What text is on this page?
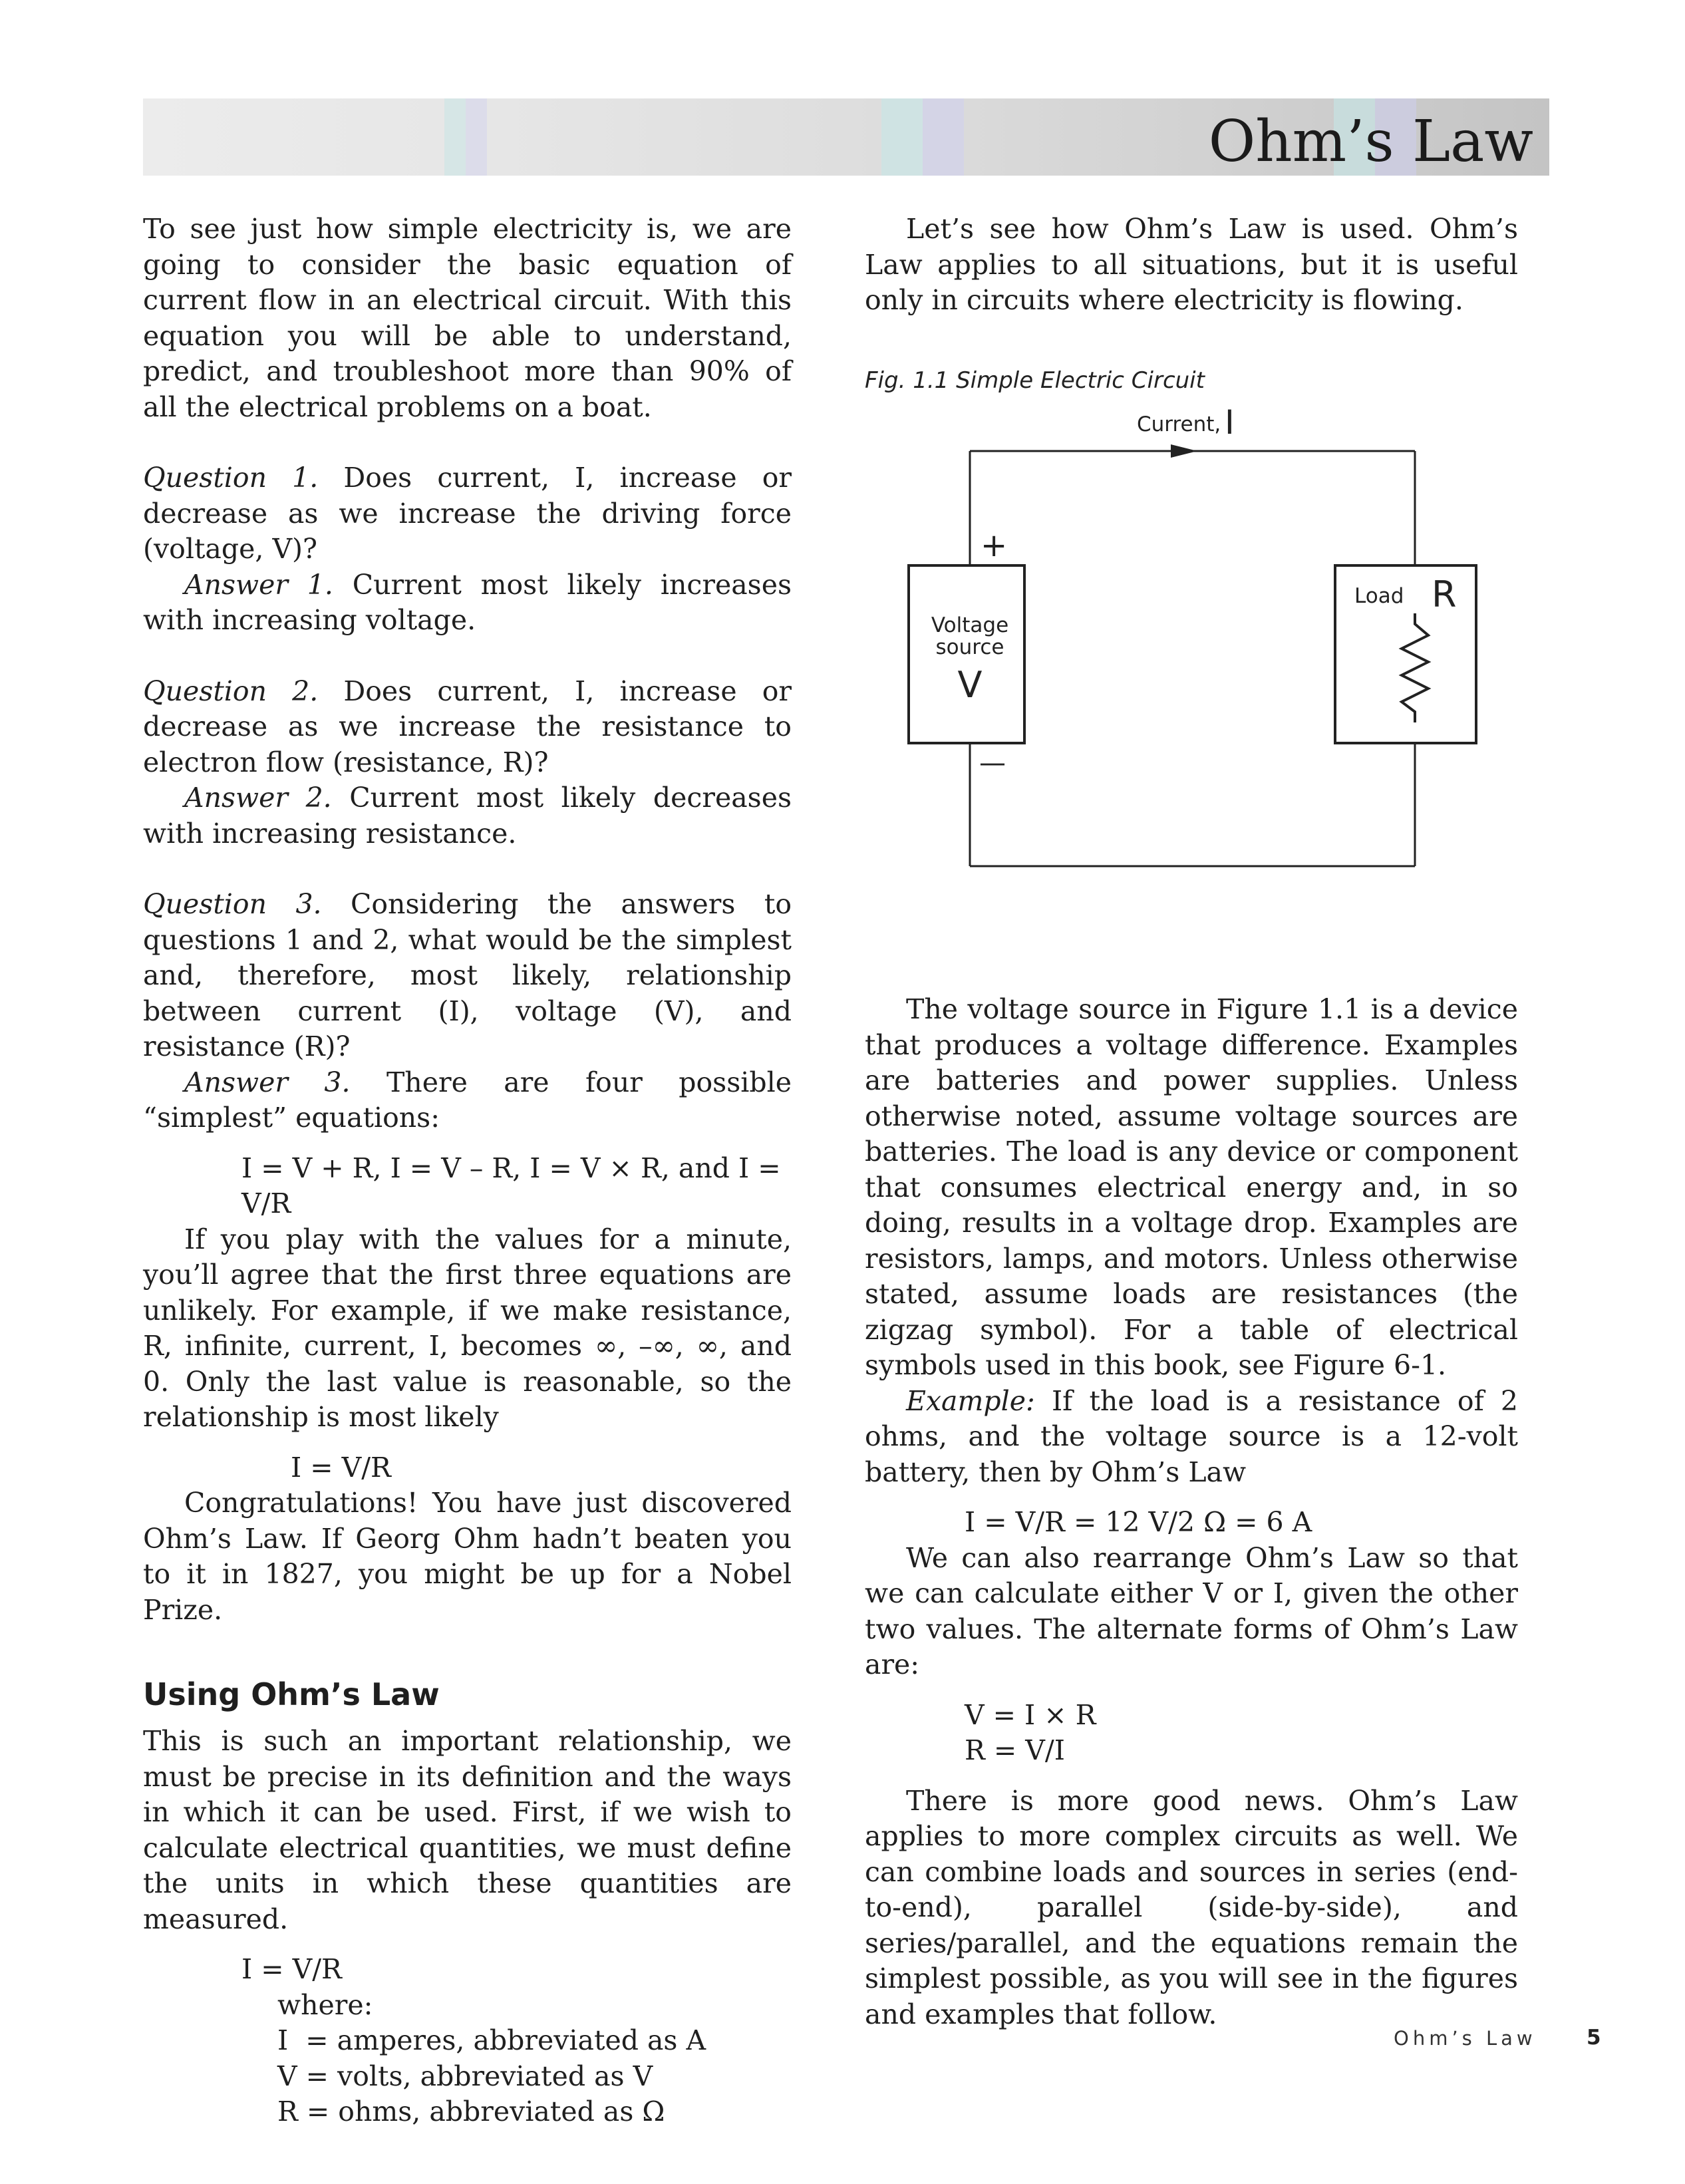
Ohm’s Law

To see just how simple electricity is, we are going to consider the basic equation of current flow in an electrical circuit. With this equation you will be able to understand, predict, and troubleshoot more than 90% of all the electrical problems on a boat.

Question 1. Does current, I, increase or decrease as we increase the driving force (voltage, V)?

Answer 1. Current most likely increases with increasing voltage.

Question 2. Does current, I, increase or decrease as we increase the resistance to electron flow (resistance, R)?

Answer 2. Current most likely decreases with increasing resistance.

Question 3. Considering the answers to questions 1 and 2, what would be the simplest and, therefore, most likely, relationship between current (I), voltage (V), and resistance (R)?

Answer 3. There are four possible “simplest” equations:

I = V + R, I = V – R, I = V × R, and I = V/R

If you play with the values for a minute, you’ll agree that the first three equations are unlikely. For example, if we make resistance, R, infinite, current, I, becomes ∞, –∞, ∞, and 0. Only the last value is reasonable, so the relationship is most likely

I = V/R

Congratulations! You have just discovered Ohm’s Law. If Georg Ohm hadn’t beaten you to it in 1827, you might be up for a Nobel Prize.

Using Ohm’s Law

This is such an important relationship, we must be precise in its definition and the ways in which it can be used. First, if we wish to calculate electrical quantities, we must define the units in which these quantities are measured.

I = V/R

where:

I  = amperes, abbreviated as A

V = volts, abbreviated as V

R = ohms, abbreviated as Ω

Let’s see how Ohm’s Law is used. Ohm’s Law applies to all situations, but it is useful only in circuits where electricity is flowing.

Fig. 1.1 Simple Electric Circuit
Current, I
+
Voltage
source
V
—
Load R

The voltage source in Figure 1.1 is a device that produces a voltage difference. Examples are batteries and power supplies. Unless otherwise noted, assume voltage sources are batteries. The load is any device or component that consumes electrical energy and, in so doing, results in a voltage drop. Examples are resistors, lamps, and motors. Unless otherwise stated, assume loads are resistances (the zigzag symbol). For a table of electrical symbols used in this book, see Figure 6-1.

Example: If the load is a resistance of 2 ohms, and the voltage source is a 12-volt battery, then by Ohm’s Law

I = V/R = 12 V/2 Ω = 6 A

We can also rearrange Ohm’s Law so that we can calculate either V or I, given the other two values. The alternate forms of Ohm’s Law are:

V = I × R

R = V/I

There is more good news. Ohm’s Law applies to more complex circuits as well. We can combine loads and sources in series (end-to-end), parallel (side-by-side), and series/parallel, and the equations remain the simplest possible, as you will see in the figures and examples that follow.

Ohm’s Law 5
